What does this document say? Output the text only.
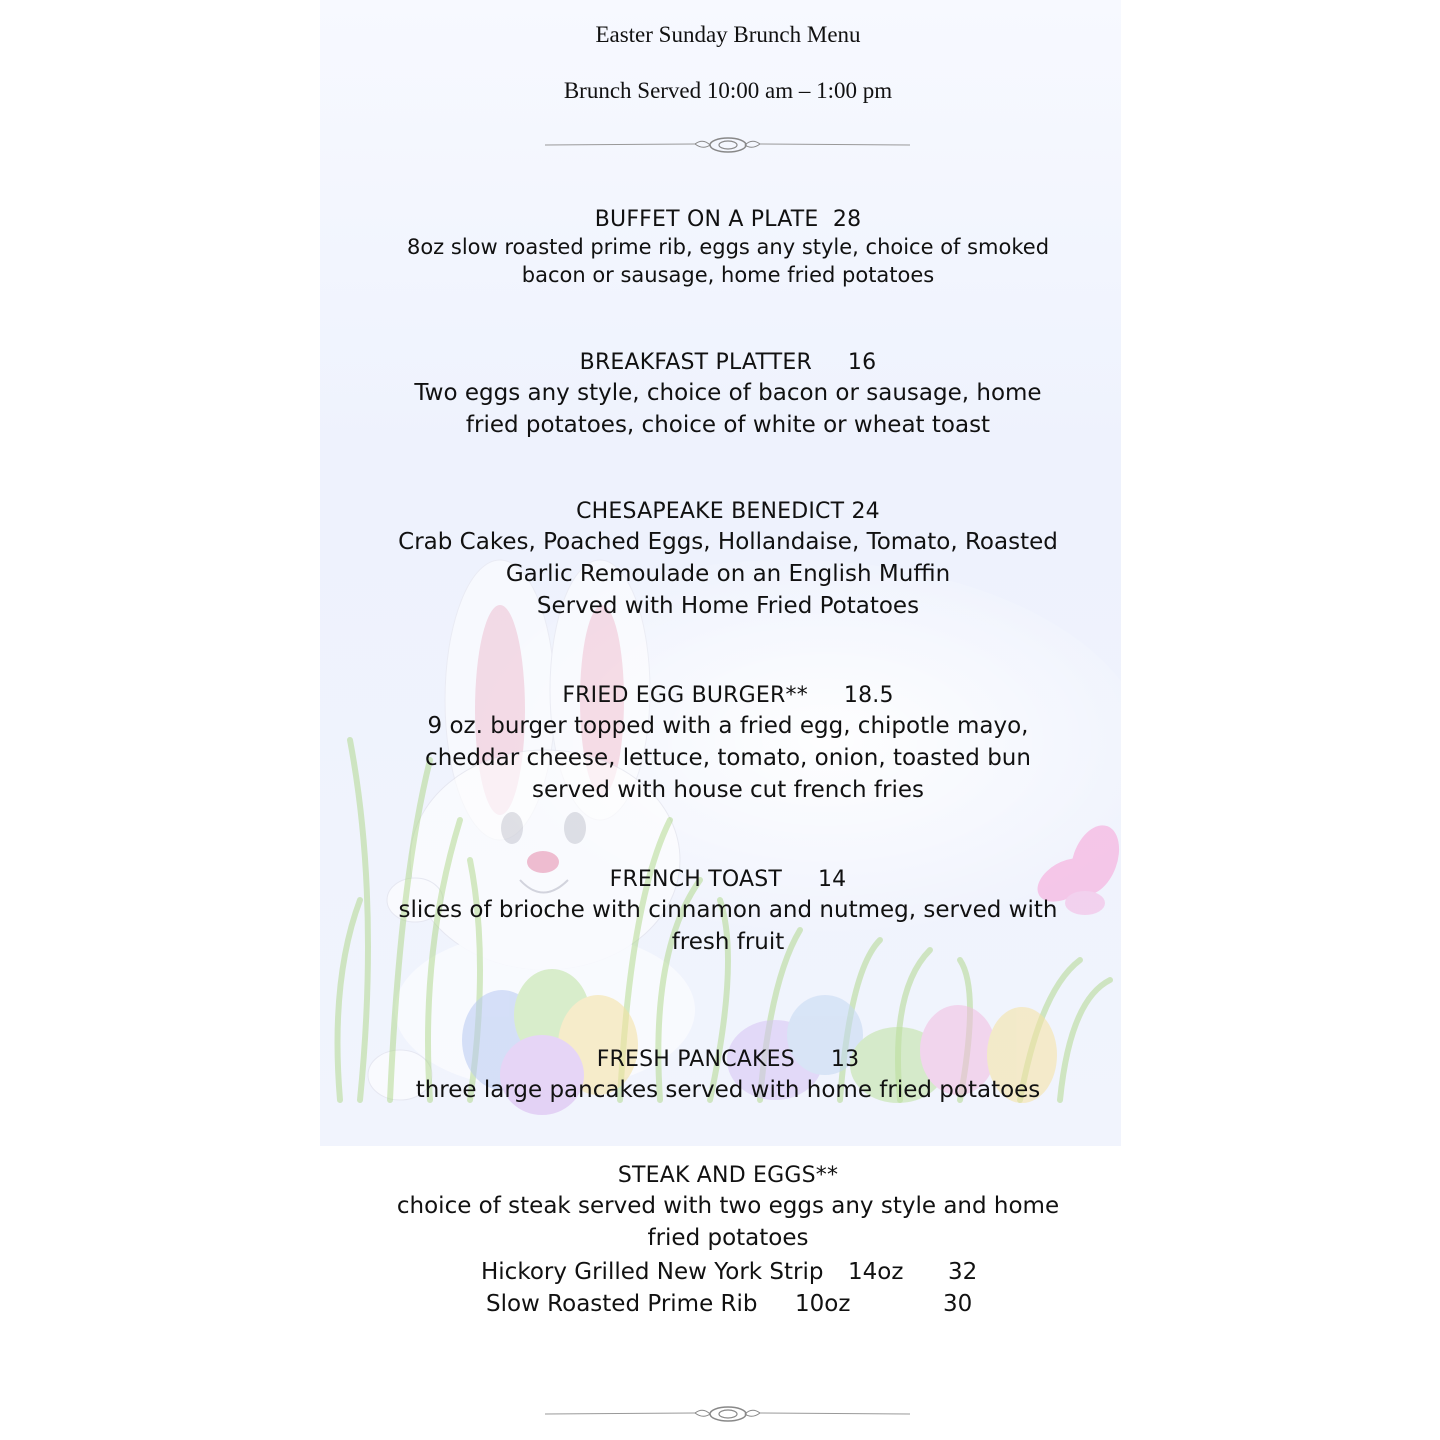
Easter Sunday Brunch Menu
Brunch Served 10:00 am – 1:00 pm
BUFFET ON A PLATE 28
8oz slow roasted prime rib, eggs any style, choice of smoked
bacon or sausage, home fried potatoes
BREAKFAST PLATTER 16
Two eggs any style, choice of bacon or sausage, home
fried potatoes, choice of white or wheat toast
CHESAPEAKE BENEDICT 24
Crab Cakes, Poached Eggs, Hollandaise, Tomato, Roasted
Garlic Remoulade on an English Muffin
Served with Home Fried Potatoes
FRIED EGG BURGER** 18.5
9 oz. burger topped with a fried egg, chipotle mayo,
cheddar cheese, lettuce, tomato, onion, toasted bun
served with house cut french fries
FRENCH TOAST 14
slices of brioche with cinnamon and nutmeg, served with
fresh fruit
FRESH PANCAKES 13
three large pancakes served with home fried potatoes
STEAK AND EGGS**
choice of steak served with two eggs any style and home
fried potatoes
Hickory Grilled New York Strip 14oz 32
Slow Roasted Prime Rib 10oz	30
